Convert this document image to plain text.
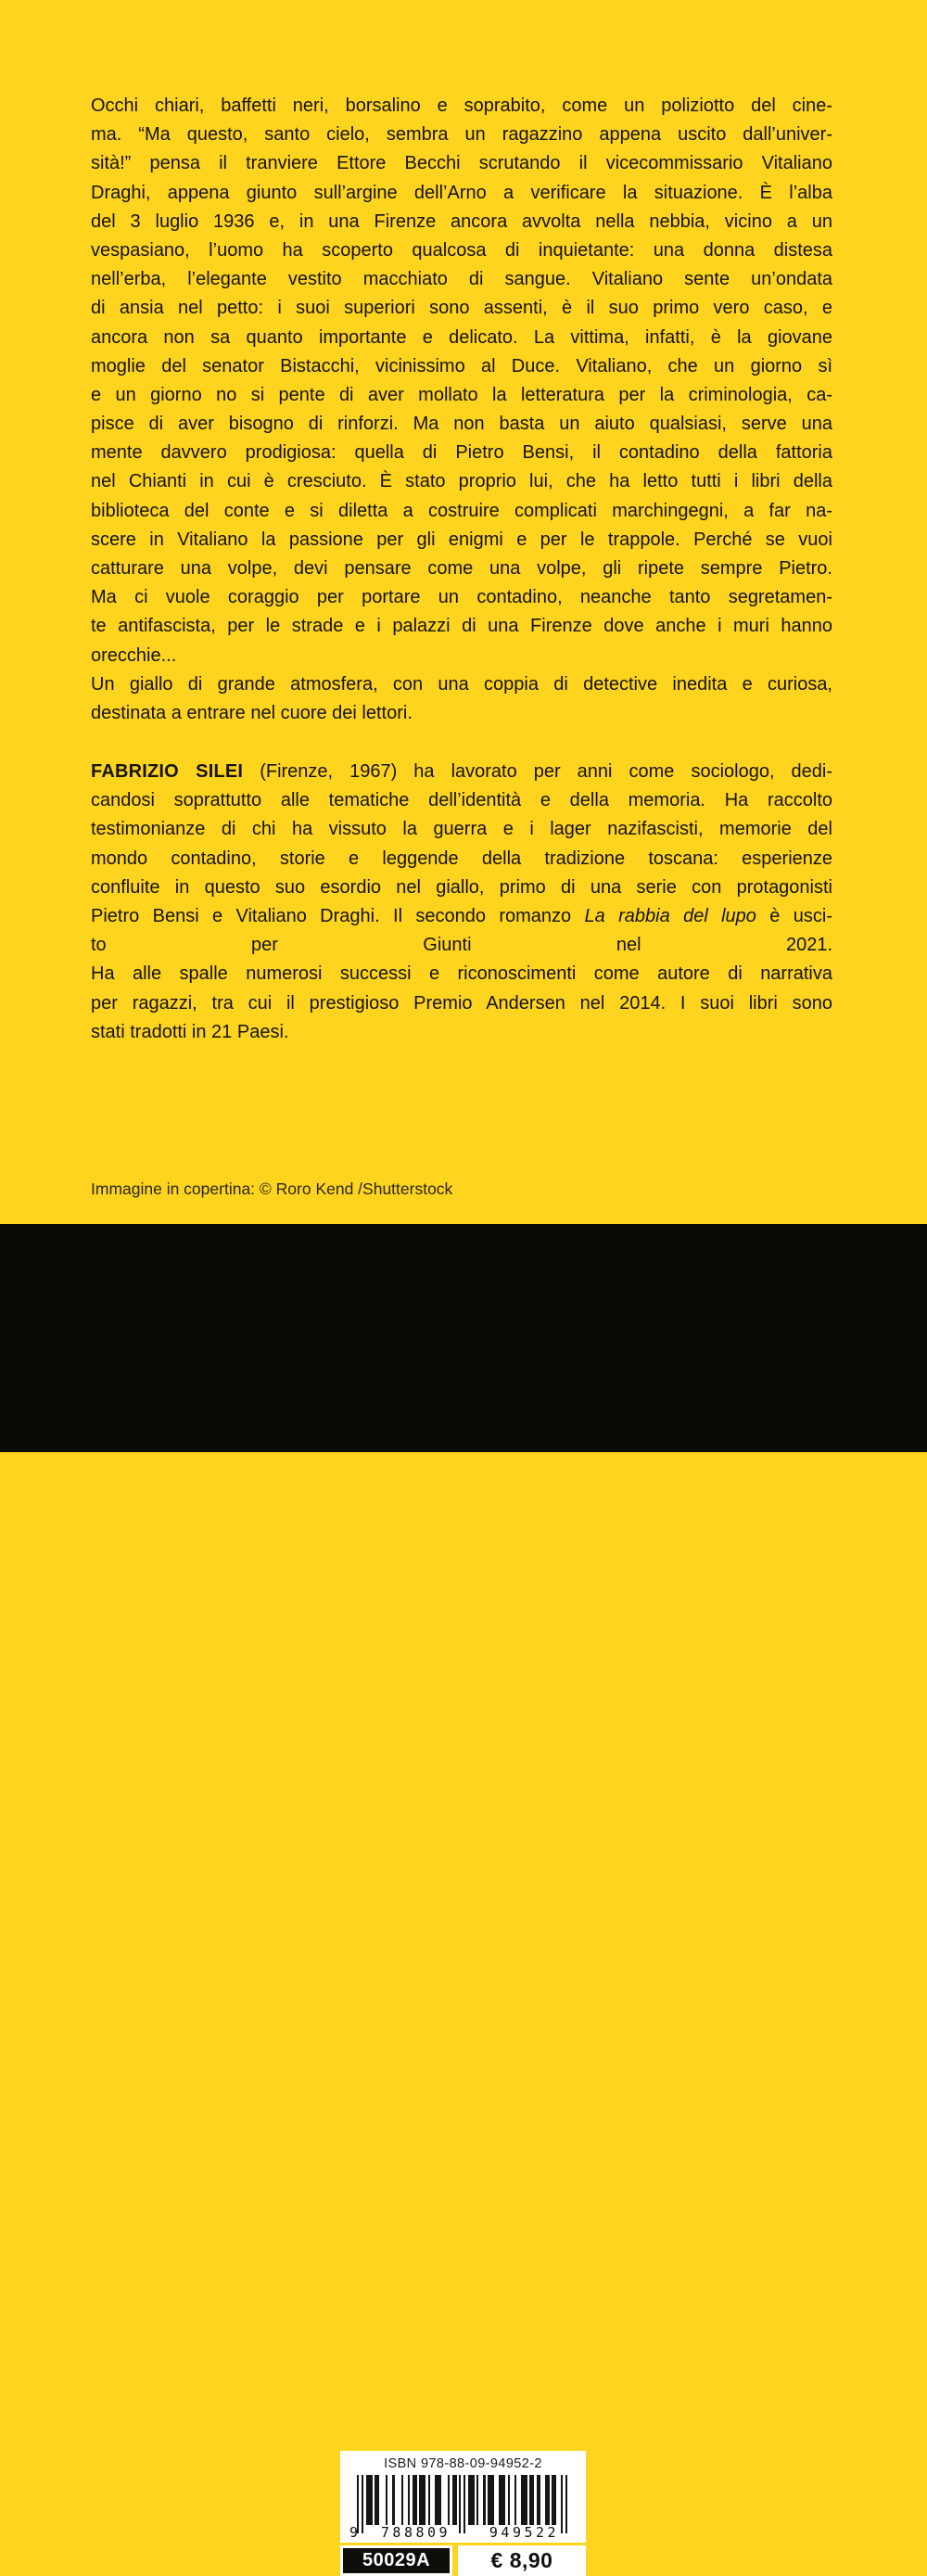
Occhi chiari, baffetti neri, borsalino e soprabito, come un poliziotto del cine-
ma. “Ma questo, santo cielo, sembra un ragazzino appena uscito dall’univer-
sità!” pensa il tranviere Ettore Becchi scrutando il vicecommissario Vitaliano
Draghi, appena giunto sull’argine dell’Arno a verificare la situazione. È l’alba
del 3 luglio 1936 e, in una Firenze ancora avvolta nella nebbia, vicino a un
vespasiano, l’uomo ha scoperto qualcosa di inquietante: una donna distesa
nell’erba, l’elegante vestito macchiato di sangue. Vitaliano sente un’ondata
di ansia nel petto: i suoi superiori sono assenti, è il suo primo vero caso, e
ancora non sa quanto importante e delicato. La vittima, infatti, è la giovane
moglie del senator Bistacchi, vicinissimo al Duce. Vitaliano, che un giorno sì
e un giorno no si pente di aver mollato la letteratura per la criminologia, ca-
pisce di aver bisogno di rinforzi. Ma non basta un aiuto qualsiasi, serve una
mente davvero prodigiosa: quella di Pietro Bensi, il contadino della fattoria
nel Chianti in cui è cresciuto. È stato proprio lui, che ha letto tutti i libri della
biblioteca del conte e si diletta a costruire complicati marchingegni, a far na-
scere in Vitaliano la passione per gli enigmi e per le trappole. Perché se vuoi
catturare una volpe, devi pensare come una volpe, gli ripete sempre Pietro.
Ma ci vuole coraggio per portare un contadino, neanche tanto segretamen-
te antifascista, per le strade e i palazzi di una Firenze dove anche i muri hanno
orecchie...
Un giallo di grande atmosfera, con una coppia di detective inedita e curiosa,
destinata a entrare nel cuore dei lettori.
FABRIZIO SILEI (Firenze, 1967) ha lavorato per anni come sociologo, dedi-
candosi soprattutto alle tematiche dell’identità e della memoria. Ha raccolto
testimonianze di chi ha vissuto la guerra e i lager nazifascisti, memorie del
mondo contadino, storie e leggende della tradizione toscana: esperienze
confluite in questo suo esordio nel giallo, primo di una serie con protagonisti
Pietro Bensi e Vitaliano Draghi. Il secondo romanzo La rabbia del lupo è usci-
to per Giunti nel 2021.
Ha alle spalle numerosi successi e riconoscimenti come autore di narrativa
per ragazzi, tra cui il prestigioso Premio Andersen nel 2014. I suoi libri sono
stati tradotti in 21 Paesi.
Immagine in copertina: © Roro Kend /Shutterstock
ISBN 978-88-09-94952-2
9	788809	949522
50029A	€ 8,90
